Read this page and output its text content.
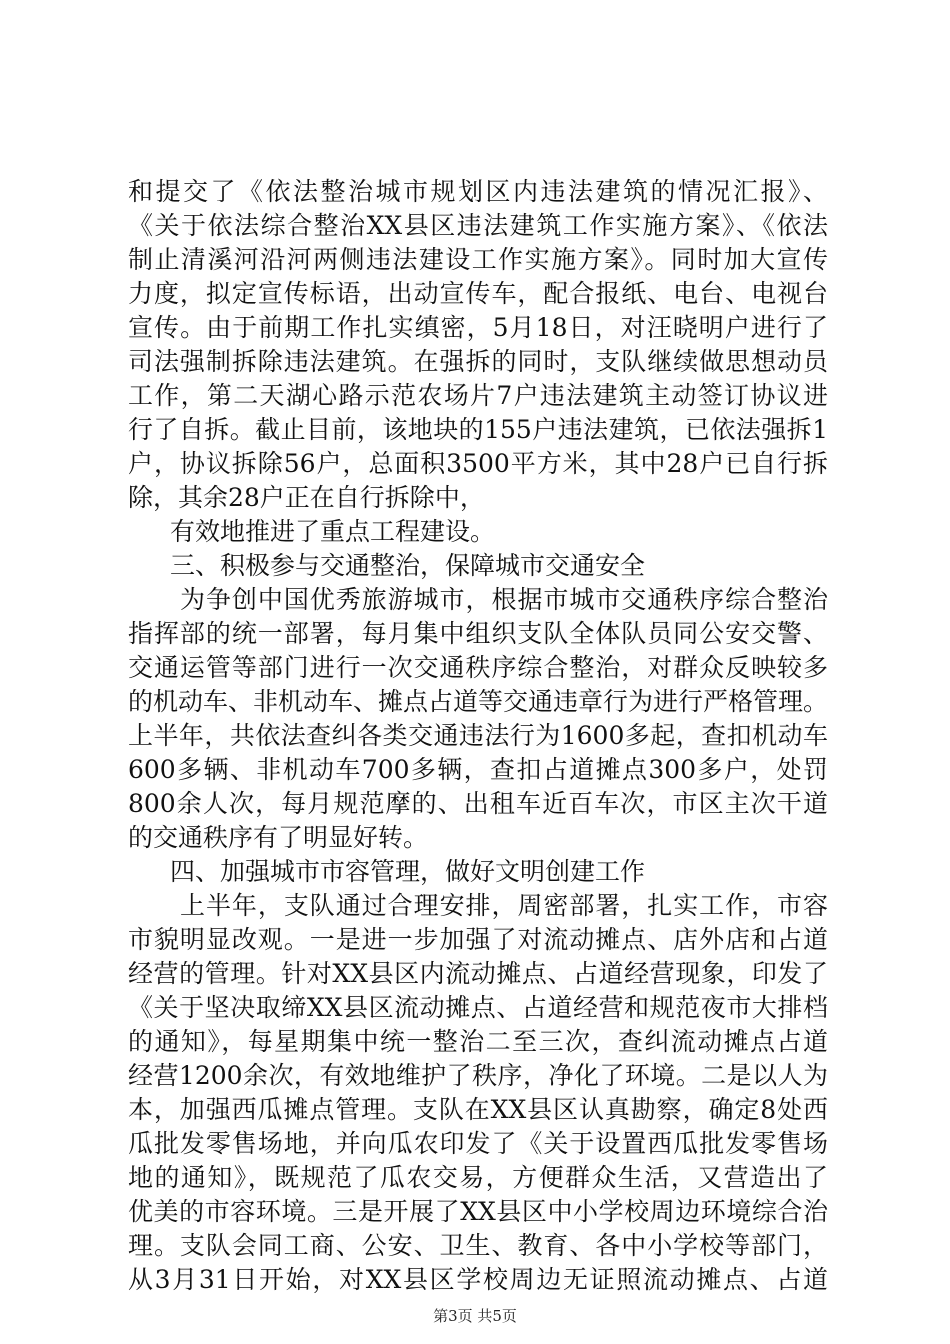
和提交了《依法整治城市规划区内违法建筑的情况汇报》、
《关于依法综合整治XX县区违法建筑工作实施方案》、《依法
制止清溪河沿河两侧违法建设工作实施方案》。同时加大宣传
力度，拟定宣传标语，出动宣传车，配合报纸、电台、电视台
宣传。由于前期工作扎实缜密，5月18日，对汪晓明户进行了
司法强制拆除违法建筑。在强拆的同时，支队继续做思想动员
工作，第二天湖心路示范农场片7户违法建筑主动签订协议进
行了自拆。截止目前，该地块的155户违法建筑，已依法强拆1
户，协议拆除56户，总面积3500平方米，其中28户已自行拆
除，其余28户正在自行拆除中，
有效地推进了重点工程建设。
三、积极参与交通整治，保障城市交通安全
为争创中国优秀旅游城市，根据市城市交通秩序综合整治
指挥部的统一部署，每月集中组织支队全体队员同公安交警、
交通运管等部门进行一次交通秩序综合整治，对群众反映较多
的机动车、非机动车、摊点占道等交通违章行为进行严格管理。
上半年，共依法查纠各类交通违法行为1600多起，查扣机动车
600多辆、非机动车700多辆，查扣占道摊点300多户，处罚
800余人次，每月规范摩的、出租车近百车次，市区主次干道
的交通秩序有了明显好转。
四、加强城市市容管理，做好文明创建工作
上半年，支队通过合理安排，周密部署，扎实工作，市容
市貌明显改观。一是进一步加强了对流动摊点、店外店和占道
经营的管理。针对XX县区内流动摊点、占道经营现象，印发了
《关于坚决取缔XX县区流动摊点、占道经营和规范夜市大排档
的通知》，每星期集中统一整治二至三次，查纠流动摊点占道
经营1200余次，有效地维护了秩序，净化了环境。二是以人为
本，加强西瓜摊点管理。支队在XX县区认真勘察，确定8处西
瓜批发零售场地，并向瓜农印发了《关于设置西瓜批发零售场
地的通知》，既规范了瓜农交易，方便群众生活，又营造出了
优美的市容环境。三是开展了XX县区中小学校周边环境综合治
理。支队会同工商、公安、卫生、教育、各中小学校等部门，
从3月31日开始，对XX县区学校周边无证照流动摊点、占道
第3页 共5页
